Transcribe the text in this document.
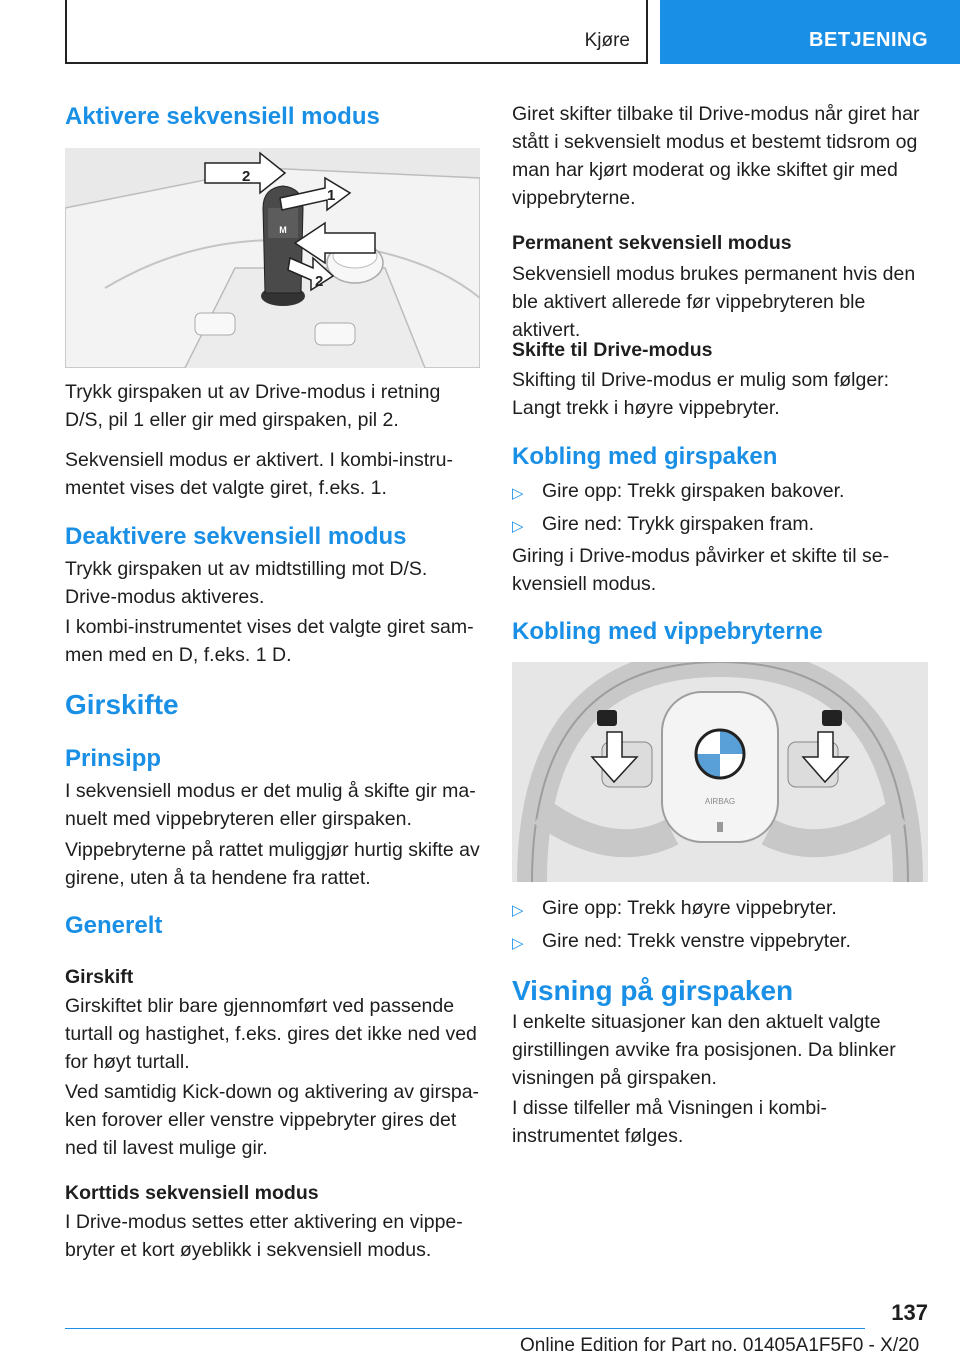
Kjøre	BETJENING
Aktivere sekvensiell modus
M
2
1
2

Trykk girspaken ut av Drive-modus i retning D/S, pil 1 eller gir med girspaken, pil 2.

Sekvensiell modus er aktivert. I kombi-instrumentet vises det valgte giret, f.eks. 1.

Deaktivere sekvensiell modus

Trykk girspaken ut av midtstilling mot D/S. Drive-modus aktiveres.

I kombi-instrumentet vises det valgte giret sammen med en D, f.eks. 1 D.

Girskifte
Prinsipp

I sekvensiell modus er det mulig å skifte gir manuelt med vippebryteren eller girspaken.

Vippebryterne på rattet muliggjør hurtig skifte av girene, uten å ta hendene fra rattet.

Generelt
Girskift

Girskiftet blir bare gjennomført ved passende turtall og hastighet, f.eks. gires det ikke ned ved for høyt turtall.

Ved samtidig Kick-down og aktivering av girspaken forover eller venstre vippebryter gires det ned til lavest mulige gir.

Korttids sekvensiell modus

I Drive-modus settes etter aktivering en vippebryter et kort øyeblikk i sekvensiell modus.

Giret skifter tilbake til Drive-modus når giret har stått i sekvensielt modus et bestemt tidsrom og man har kjørt moderat og ikke skiftet gir med vippebryterne.

Permanent sekvensiell modus

Sekvensiell modus brukes permanent hvis den ble aktivert allerede før vippebryteren ble aktivert.

Skifte til Drive-modus

Skifting til Drive-modus er mulig som følger: Langt trekk i høyre vippebryter.

Kobling med girspaken
▷ Gire opp: Trekk girspaken bakover.
▷ Gire ned: Trykk girspaken fram.

Giring i Drive-modus påvirker et skifte til sekvensiell modus.

Kobling med vippebryterne
AIRBAG
▷ Gire opp: Trekk høyre vippebryter.
▷ Gire ned: Trekk venstre vippebryter.
Visning på girspaken

I enkelte situasjoner kan den aktuelt valgte girstillingen avvike fra posisjonen. Da blinker visningen på girspaken.

I disse tilfeller må Visningen i kombi-instrumentet følges.

137
Online Edition for Part no. 01405A1F5F0 - X/20
